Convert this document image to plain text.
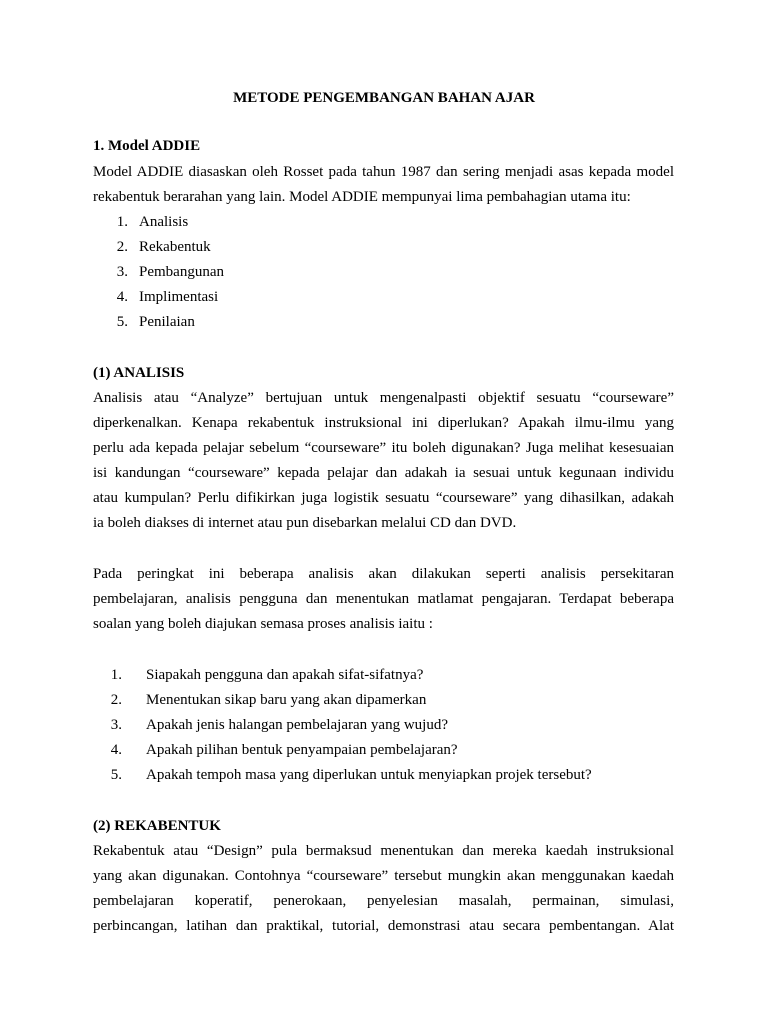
METODE PENGEMBANGAN BAHAN AJAR
1. Model ADDIE
Model ADDIE diasaskan oleh Rosset pada tahun 1987 dan sering menjadi asas kepada model
rekabentuk berarahan yang lain. Model ADDIE mempunyai lima pembahagian utama itu:
1. Analisis
2. Rekabentuk
3. Pembangunan
4. Implimentasi
5. Penilaian
(1) ANALISIS
Analisis atau “Analyze” bertujuan untuk mengenalpasti objektif sesuatu “courseware”
diperkenalkan. Kenapa rekabentuk instruksional ini diperlukan? Apakah ilmu-ilmu yang
perlu ada kepada pelajar sebelum “courseware” itu boleh digunakan? Juga melihat kesesuaian
isi kandungan “courseware” kepada pelajar dan adakah ia sesuai untuk kegunaan individu
atau kumpulan? Perlu difikirkan juga logistik sesuatu “courseware” yang dihasilkan, adakah
ia boleh diakses di internet atau pun disebarkan melalui CD dan DVD.
Pada peringkat ini beberapa analisis akan dilakukan seperti analisis persekitaran
pembelajaran, analisis pengguna dan menentukan matlamat pengajaran. Terdapat beberapa
soalan yang boleh diajukan semasa proses analisis iaitu :
1. Siapakah pengguna dan apakah sifat-sifatnya?
2. Menentukan sikap baru yang akan dipamerkan
3. Apakah jenis halangan pembelajaran yang wujud?
4. Apakah pilihan bentuk penyampaian pembelajaran?
5. Apakah tempoh masa yang diperlukan untuk menyiapkan projek tersebut?
(2) REKABENTUK
Rekabentuk atau “Design” pula bermaksud menentukan dan mereka kaedah instruksional
yang akan digunakan. Contohnya “courseware” tersebut mungkin akan menggunakan kaedah
pembelajaran koperatif, penerokaan, penyelesian masalah, permainan, simulasi,
perbincangan, latihan dan praktikal, tutorial, demonstrasi atau secara pembentangan. Alat
